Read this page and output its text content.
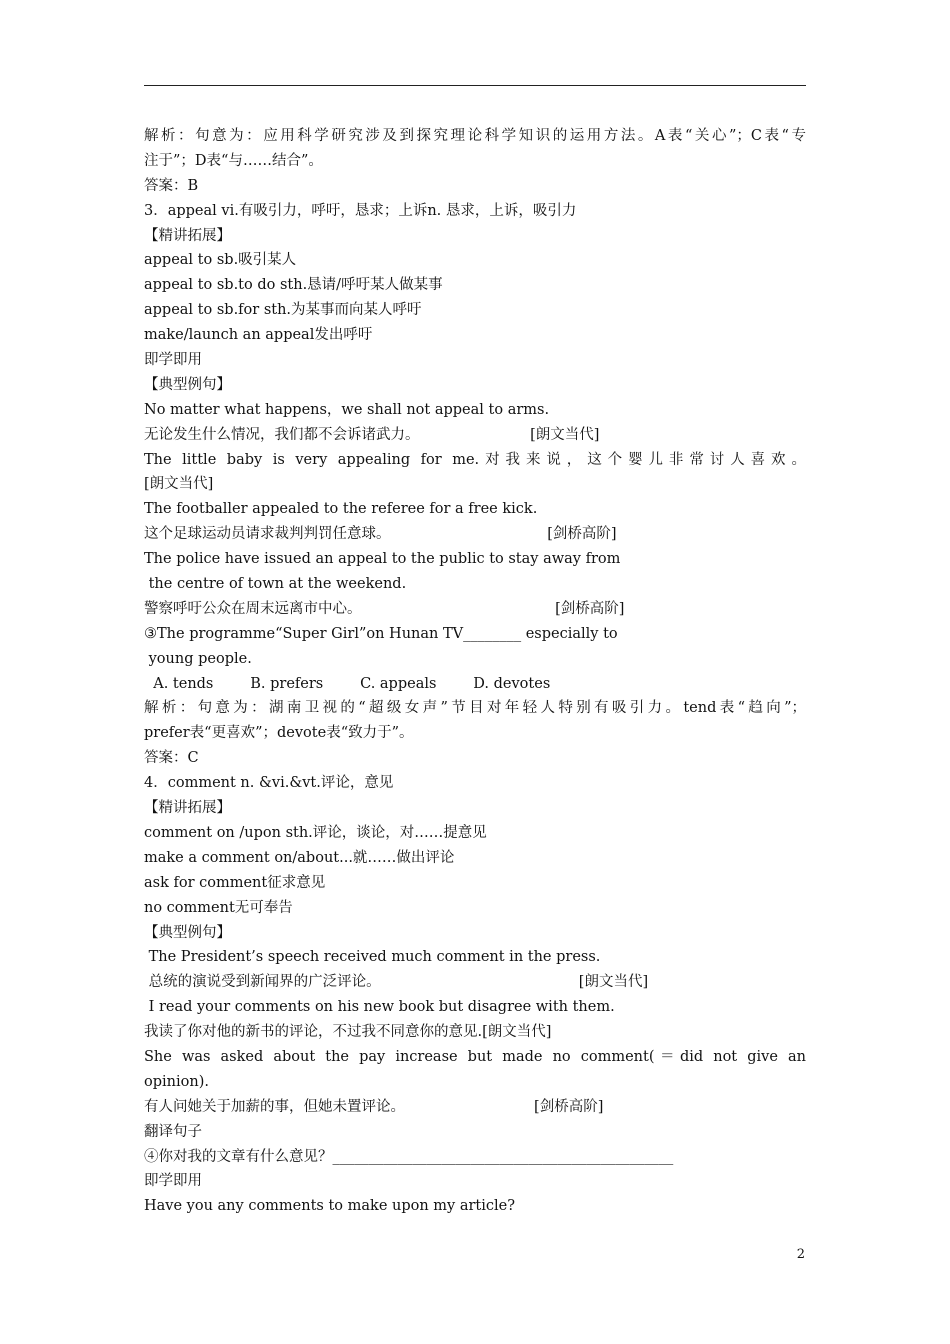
解析：句意为：应用科学研究涉及到探究理论科学知识的运用方法。A表“关心”；C表“专
注于”；D表“与……结合”。
答案：B
3．appeal vi.有吸引力，呼吁，恳求；上诉n. 恳求，上诉，吸引力
【精讲拓展】
appeal to sb.吸引某人
appeal to sb.to do sth.恳请/呼吁某人做某事
appeal to sb.for sth.为某事而向某人呼吁
make/launch an appeal发出呼吁
即学即用
【典型例句】
No matter what happens，we shall not appeal to arms.
无论发生什么情况，我们都不会诉诸武力。                        [朗文当代]
The little baby is very appealing for me.对我来说，这个婴儿非常讨人喜欢。
[朗文当代]
The footballer appealed to the referee for a free kick.
这个足球运动员请求裁判判罚任意球。                                  [剑桥高阶]
The police have issued an appeal to the public to stay away from
the centre of town at the weekend.
警察呼吁公众在周末远离市中心。                                          [剑桥高阶]
③The programme“Super Girl”on Hunan TV________ especially to
young people.
A. tends        B. prefers        C. appeals        D. devotes
解析：句意为：湖南卫视的“超级女声”节目对年轻人特别有吸引力。tend表“趋向”；
prefer表“更喜欢”；devote表“致力于”。
答案：C
4．comment n. &vi.&vt.评论，意见
【精讲拓展】
comment on /upon sth.评论，谈论，对……提意见
make a comment on/about...就……做出评论
ask for comment征求意见
no comment无可奉告
【典型例句】
The President’s speech received much comment in the press.
总统的演说受到新闻界的广泛评论。                                           [朗文当代]
I read your comments on his new book but disagree with them.
我读了你对他的新书的评论，不过我不同意你的意见.[朗文当代]
She was asked about the pay increase but made no comment(＝did not give an
opinion).
有人问她关于加薪的事，但她未置评论。                            [剑桥高阶]
翻译句子
④你对我的文章有什么意见？_______________________________________________
即学即用
Have you any comments to make upon my article?
2
